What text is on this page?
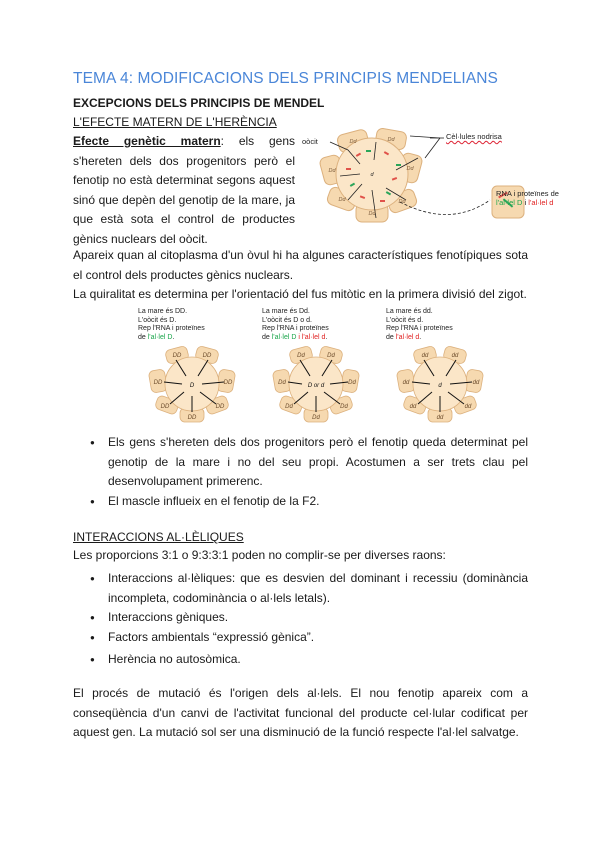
TEMA 4: MODIFICACIONS DELS PRINCIPIS MENDELIANS
EXCEPCIONS DELS PRINCIPIS DE MENDEL
L'EFECTE MATERN DE L'HERÈNCIA
Efecte genètic matern: els gens s'hereten dels dos progenitors però el fenotip no està determinat segons aquest sinó que depèn del genotip de la mare, ja que està sota el control de productes gènics nuclears del oòcit.
Dd	Dd
Dd	Dd
Dd	Dd
Dd
d
oòcit
Cèl·lules nodrisa
RNA i proteïnes de
l'al·lel D i l'al·lel d
Apareix quan al citoplasma d'un òvul hi ha algunes característiques fenotípiques sota el control dels productes gènics nuclears.
La quiralitat es determina per l'orientació del fus mitòtic en la primera divisió del zigot.
La mare és DD.
L'oòcit és D.
Rep l'RNA i proteïnes
de l'al·lel D.
DD	DD
DD	DD
DD	DD
DD
D
La mare és Dd.
L'oòcit és D o d.
Rep l'RNA i proteïnes
de l'al·lel D i l'al·lel d.
Dd	Dd
Dd	Dd
Dd	Dd
Dd
D or d
La mare és dd.
L'oòcit és d.
Rep l'RNA i proteïnes
de l'al·lel d.
dd	dd
dd	dd
dd	dd
dd
d
● Els gens s'hereten dels dos progenitors però el fenotip queda determinat pel genotip de la mare i no del seu propi. Acostumen a ser trets clau pel desenvolupament primerenc.
● El mascle influeix en el fenotip de la F2.
INTERACCIONS AL·LÈLIQUES
Les proporcions 3:1 o 9:3:3:1 poden no complir-se per diverses raons:
● Interaccions al·lèliques: que es desvien del dominant i recessiu (dominància incompleta, codominància o al·lels letals).
● Interaccions gèniques.
● Factors ambientals “expressió gènica”.
● Herència no autosòmica.
El procés de mutació és l'origen dels al·lels. El nou fenotip apareix com a conseqüència d'un canvi de l'activitat funcional del producte cel·lular codificat per aquest gen. La mutació sol ser una disminució de la funció respecte l'al·lel salvatge.
